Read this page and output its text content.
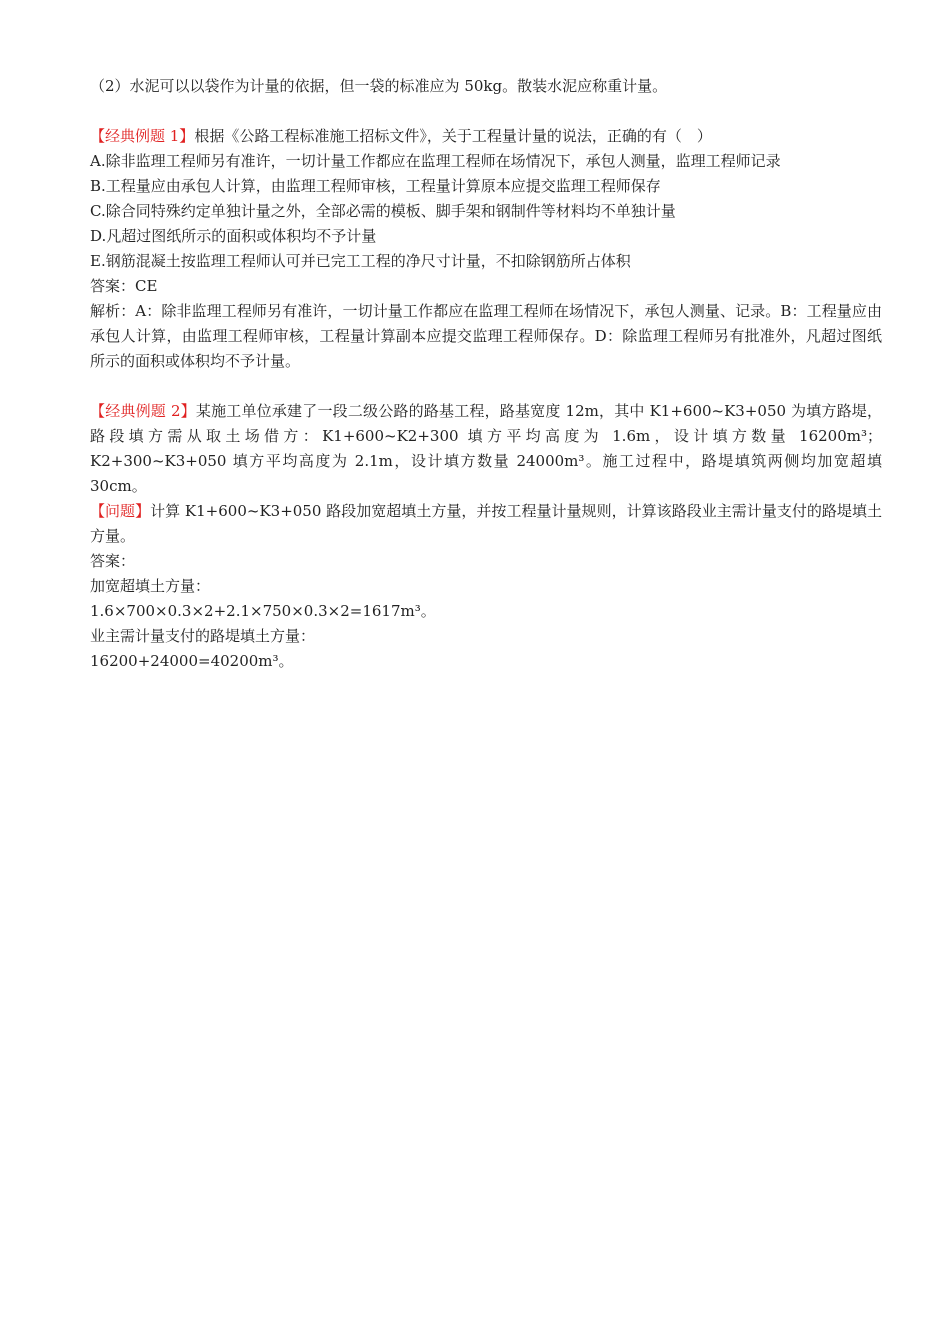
（2）水泥可以以袋作为计量的依据，但一袋的标准应为 50kg。散装水泥应称重计量。

【经典例题 1】根据《公路工程标准施工招标文件》，关于工程量计量的说法，正确的有（　）

A.除非监理工程师另有准许，一切计量工作都应在监理工程师在场情况下，承包人测量，监理工程师记录

B.工程量应由承包人计算，由监理工程师审核，工程量计算原本应提交监理工程师保存

C.除合同特殊约定单独计量之外，全部必需的模板、脚手架和钢制件等材料均不单独计量

D.凡超过图纸所示的面积或体积均不予计量

E.钢筋混凝土按监理工程师认可并已完工工程的净尺寸计量，不扣除钢筋所占体积

答案：CE

解析：A：除非监理工程师另有准许，一切计量工作都应在监理工程师在场情况下，承包人测量、记录。B：工程量应由承包人计算，由监理工程师审核，工程量计算副本应提交监理工程师保存。D：除监理工程师另有批准外，凡超过图纸所示的面积或体积均不予计量。

【经典例题 2】某施工单位承建了一段二级公路的路基工程，路基宽度 12m，其中 K1+600~K3+050 为填方路堤，路段填方需从取土场借方：K1+600~K2+300 填方平均高度为 1.6m，设计填方数量 16200m³；K2+300~K3+050 填方平均高度为 2.1m，设计填方数量 24000m³。施工过程中，路堤填筑两侧均加宽超填 30cm。

【问题】计算 K1+600~K3+050 路段加宽超填土方量，并按工程量计量规则，计算该路段业主需计量支付的路堤填土方量。

答案：

加宽超填土方量：

1.6×700×0.3×2+2.1×750×0.3×2=1617m³。

业主需计量支付的路堤填土方量：

16200+24000=40200m³。
